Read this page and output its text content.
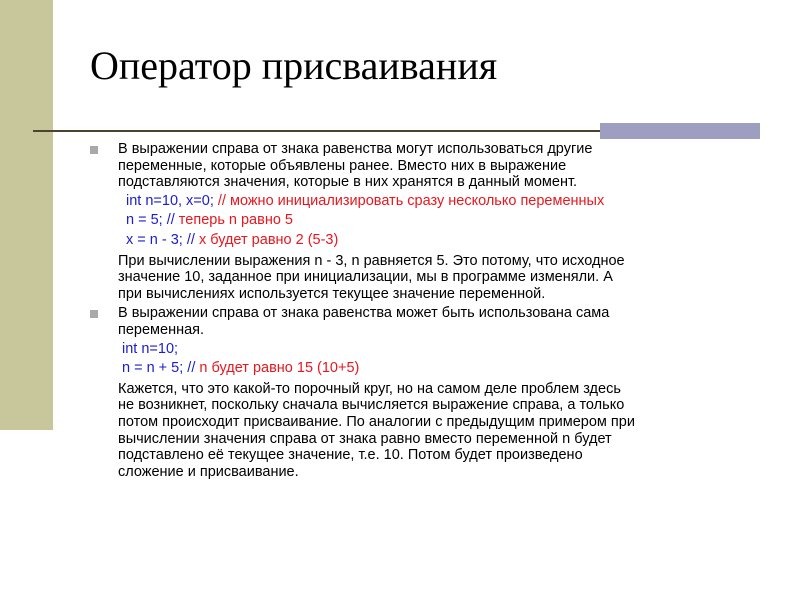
Оператор присваивания
В выражении справа от знака равенства могут использоваться другие
переменные, которые объявлены ранее. Вместо них в выражение
подставляются значения, которые в них хранятся в данный момент.
int n=10, x=0; // можно инициализировать сразу несколько переменных
n = 5; // теперь n равно 5
x = n - 3; // x будет равно 2 (5-3)
При вычислении выражения n - 3, n равняется 5. Это потому, что исходное
значение 10, заданное при инициализации, мы в программе изменяли. А
при вычислениях используется текущее значение переменной.
В выражении справа от знака равенства может быть использована сама
переменная.
int n=10;
n = n + 5; // n будет равно 15 (10+5)
Кажется, что это какой-то порочный круг, но на самом деле проблем здесь
не возникнет, поскольку сначала вычисляется выражение справа, а только
потом происходит присваивание. По аналогии с предыдущим примером при
вычислении значения справа от знака равно вместо переменной n будет
подставлено её текущее значение, т.е. 10. Потом будет произведено
сложение и присваивание.
